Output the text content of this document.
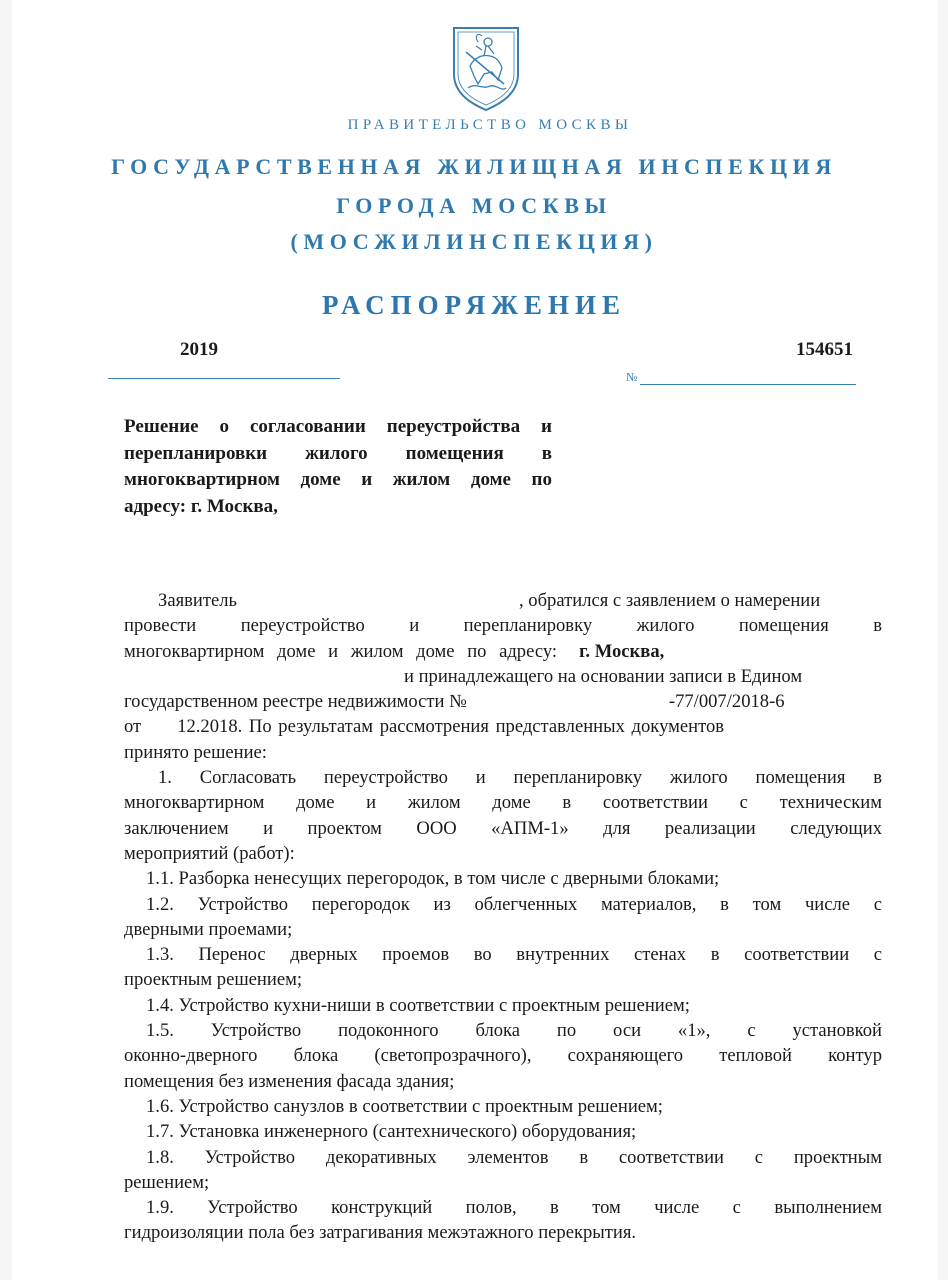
ПРАВИТЕЛЬСТВО МОСКВЫ
ГОСУДАРСТВЕННАЯ ЖИЛИЩНАЯ ИНСПЕКЦИЯ
ГОРОДА МОСКВЫ
(МОСЖИЛИНСПЕКЦИЯ)
РАСПОРЯЖЕНИЕ
2019	154651
№
Решение о согласовании переустройства и
перепланировки жилого помещения в
многоквартирном доме и жилом доме по
адресу: г. Москва,
Заявитель	, обратился с заявлением о намерении
провести переустройство и перепланировку жилого помещения в
многоквартирном доме и жилом доме по адресу: г. Москва,
и принадлежащего на основании записи в Едином
государственном реестре недвижимости №	-77/007/2018-6
от 12.2018. По результатам рассмотрения представленных документов
принято решение:
1. Согласовать переустройство и перепланировку жилого помещения в
многоквартирном доме и жилом доме в соответствии с техническим
заключением и проектом ООО «АПМ-1» для реализации следующих
мероприятий (работ):
1.1. Разборка ненесущих перегородок, в том числе с дверными блоками;
1.2. Устройство перегородок из облегченных материалов, в том числе с
дверными проемами;
1.3. Перенос дверных проемов во внутренних стенах в соответствии с
проектным решением;
1.4. Устройство кухни-ниши в соответствии с проектным решением;
1.5. Устройство подоконного блока по оси «1», с установкой
оконно-дверного блока (светопрозрачного), сохраняющего тепловой контур
помещения без изменения фасада здания;
1.6. Устройство санузлов в соответствии с проектным решением;
1.7. Установка инженерного (сантехнического) оборудования;
1.8. Устройство декоративных элементов в соответствии с проектным
решением;
1.9. Устройство конструкций полов, в том числе с выполнением
гидроизоляции пола без затрагивания межэтажного перекрытия.
